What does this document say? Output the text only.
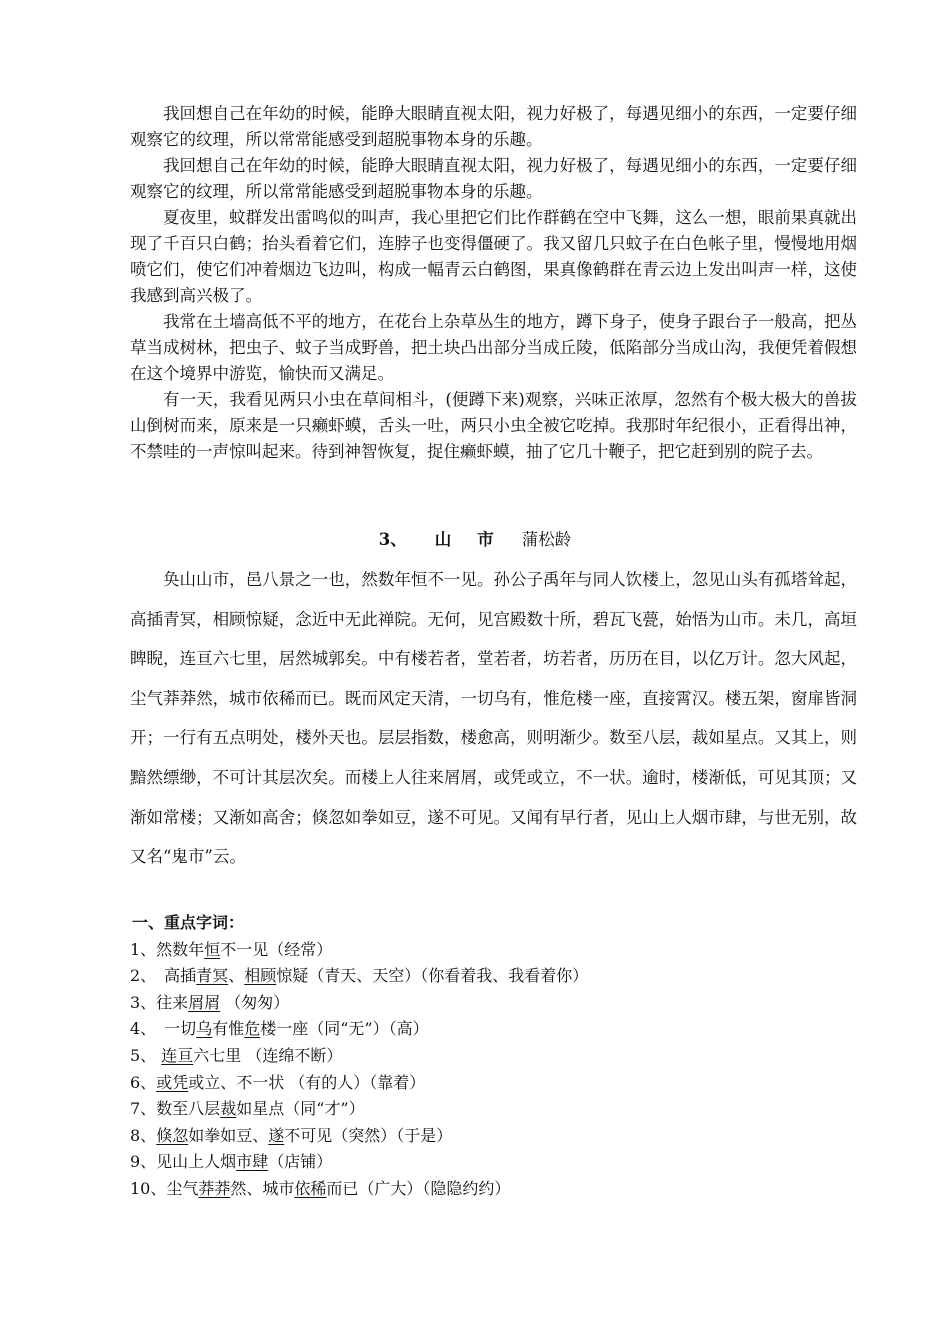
我回想自己在年幼的时候，能睁大眼睛直视太阳，视力好极了，每遇见细小的东西，一定要仔细观察它的纹理，所以常常能感受到超脱事物本身的乐趣。

我回想自己在年幼的时候，能睁大眼睛直视太阳，视力好极了，每遇见细小的东西，一定要仔细观察它的纹理，所以常常能感受到超脱事物本身的乐趣。

夏夜里，蚊群发出雷鸣似的叫声，我心里把它们比作群鹤在空中飞舞，这么一想，眼前果真就出现了千百只白鹤；抬头看着它们，连脖子也变得僵硬了。我又留几只蚊子在白色帐子里，慢慢地用烟喷它们，使它们冲着烟边飞边叫，构成一幅青云白鹤图，果真像鹤群在青云边上发出叫声一样，这使我感到高兴极了。

我常在土墙高低不平的地方，在花台上杂草丛生的地方，蹲下身子，使身子跟台子一般高，把丛草当成树林，把虫子、蚊子当成野兽，把土块凸出部分当成丘陵，低陷部分当成山沟，我便凭着假想在这个境界中游览，愉快而又满足。

有一天，我看见两只小虫在草间相斗，(便蹲下来)观察，兴味正浓厚，忽然有个极大极大的兽拔山倒树而来，原来是一只癞虾蟆，舌头一吐，两只小虫全被它吃掉。我那时年纪很小，正看得出神，不禁哇的一声惊叫起来。待到神智恢复，捉住癞虾蟆，抽了它几十鞭子，把它赶到别的院子去。

3、 山 市 蒲松龄

奂山山市，邑八景之一也，然数年恒不一见。孙公子禹年与同人饮楼上，忽见山头有孤塔耸起，高插青冥，相顾惊疑，念近中无此禅院。无何，见宫殿数十所，碧瓦飞甍，始悟为山市。未几，高垣睥睨，连亘六七里，居然城郭矣。中有楼若者，堂若者，坊若者，历历在目，以亿万计。忽大风起，尘气莽莽然，城市依稀而已。既而风定天清，一切乌有，惟危楼一座，直接霄汉。楼五架，窗扉皆洞开；一行有五点明处，楼外天也。层层指数，楼愈高，则明渐少。数至八层，裁如星点。又其上，则黯然缥缈，不可计其层次矣。而楼上人往来屑屑，或凭或立，不一状。逾时，楼渐低，可见其顶；又渐如常楼；又渐如高舍；倏忽如拳如豆，遂不可见。又闻有早行者，见山上人烟市肆，与世无别，故又名“鬼市”云。

一、重点字词：
1、然数年恒不一见（经常）
2、　高插青冥、相顾惊疑（青天、天空）（你看着我、我看着你）
3、往来屑屑 （匆匆）
4、　一切乌有惟危楼一座（同“无”）（高）
5、 连亘六七里 （连绵不断）
6、或凭或立、不一状 （有的人）（靠着）
7、数至八层裁如星点（同“才”）
8、倏忽如拳如豆、遂不可见（突然）（于是）
9、见山上人烟市肆（店铺）
10、尘气莽莽然、城市依稀而已（广大）（隐隐约约）
